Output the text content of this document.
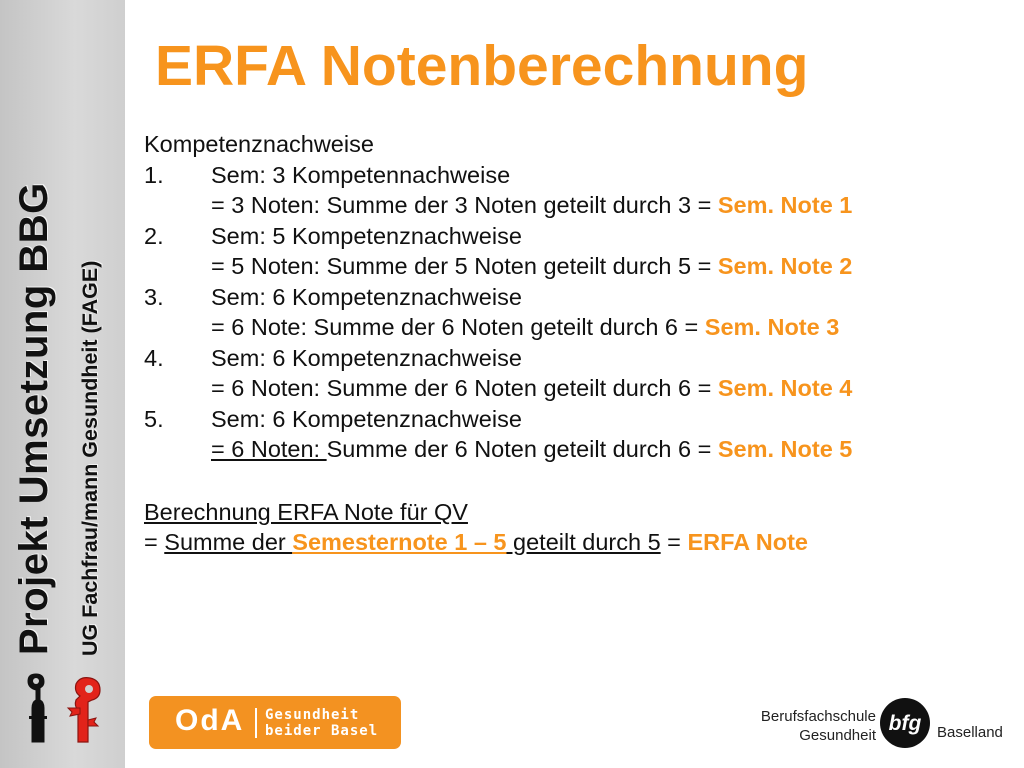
Projekt Umsetzung BBG UG Fachfrau/mann Gesundheit (FAGE)
ERFA Notenberechnung
Kompetenznachweise
1.	Sem: 3 Kompetennachweise
= 3 Noten: Summe der 3 Noten geteilt durch 3 = Sem. Note 1
2.	Sem: 5 Kompetenznachweise
= 5 Noten: Summe der 5 Noten geteilt durch 5 = Sem. Note 2
3.	Sem: 6 Kompetenznachweise
= 6 Note: Summe der 6 Noten geteilt durch 6 = Sem. Note 3
4.	Sem: 6 Kompetenznachweise
= 6 Noten: Summe der 6 Noten geteilt durch 6 = Sem. Note 4
5.	Sem: 6 Kompetenznachweise
= 6 Noten: Summe der 6 Noten geteilt durch 6 = Sem. Note 5
Berechnung ERFA Note für QV
= Summe der Semesternote 1 – 5 geteilt durch 5 = ERFA Note
OdA Gesundheit
beider Basel
Berufsfachschule
Gesundheit
bfg Baselland
